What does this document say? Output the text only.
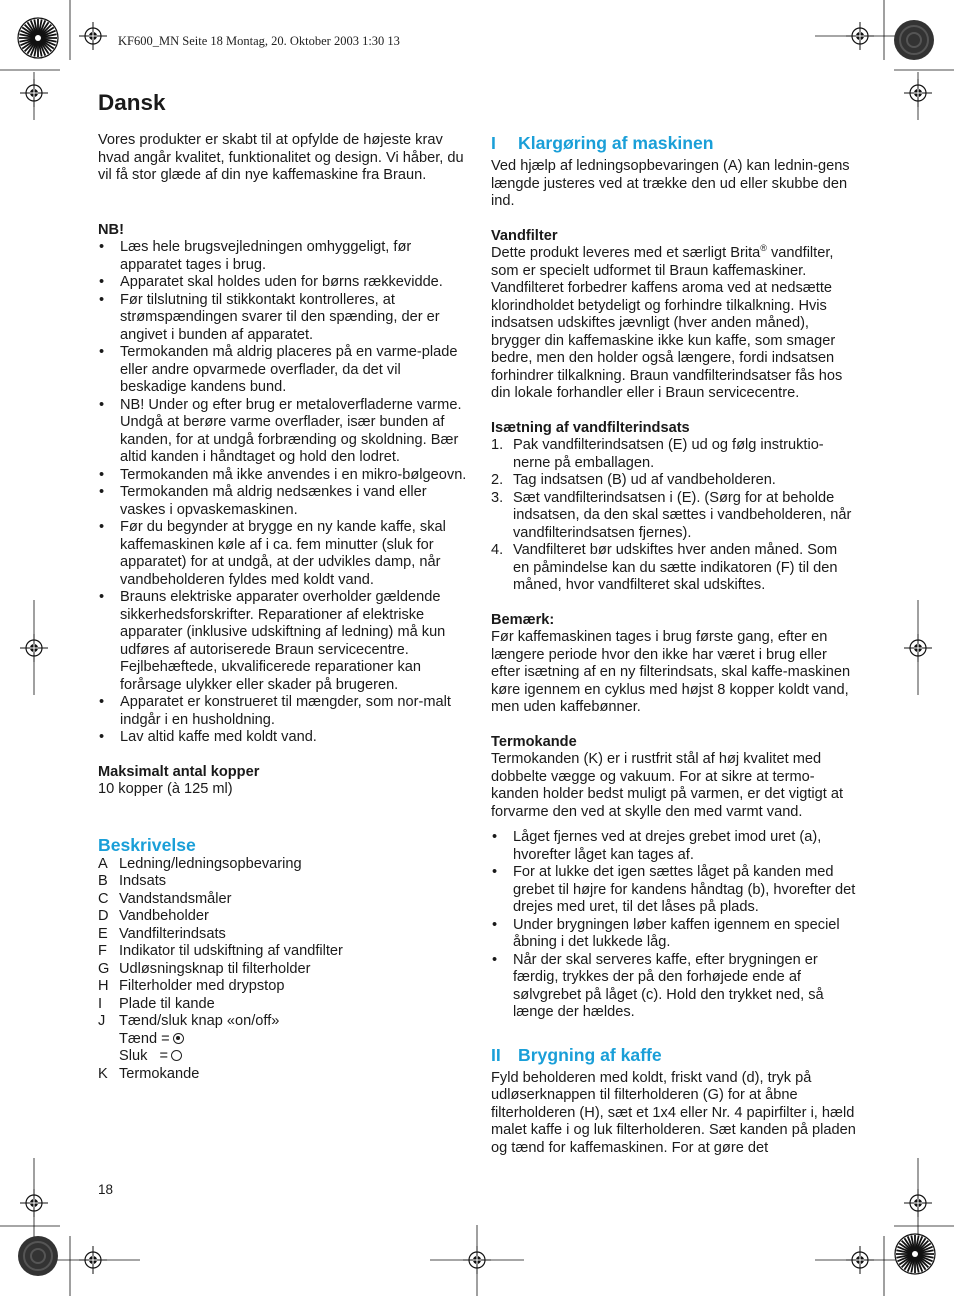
KF600_MN Seite 18 Montag, 20. Oktober 2003 1:30 13
Dansk

Vores produkter er skabt til at opfylde de højeste krav hvad angår kvalitet, funktionalitet og design. Vi håber, du vil få stor glæde af din nye kaffemaskine fra Braun.

NB!

• Læs hele brugsvejledningen omhyggeligt, før apparatet tages i brug.
• Apparatet skal holdes uden for børns rækkevidde.
• Før tilslutning til stikkontakt kontrolleres, at strømspændingen svarer til den spænding, der er angivet i bunden af apparatet.
• Termokanden må aldrig placeres på en varme-plade eller andre opvarmede overflader, da det vil beskadige kandens bund.
• NB! Under og efter brug er metaloverfladerne varme. Undgå at berøre varme overflader, især bunden af kanden, for at undgå forbrænding og skoldning. Bær altid kanden i håndtaget og hold den lodret.
• Termokanden må ikke anvendes i en mikro-bølgeovn.
• Termokanden må aldrig nedsænkes i vand eller vaskes i opvaskemaskinen.
• Før du begynder at brygge en ny kande kaffe, skal kaffemaskinen køle af i ca. fem minutter (sluk for apparatet) for at undgå, at der udvikles damp, når vandbeholderen fyldes med koldt vand.
• Brauns elektriske apparater overholder gældende sikkerhedsforskrifter. Reparationer af elektriske apparater (inklusive udskiftning af ledning) må kun udføres af autoriserede Braun servicecentre. Fejlbehæftede, ukvalificerede reparationer kan forårsage ulykker eller skader på brugeren.
• Apparatet er konstrueret til mængder, som nor-malt indgår i en husholdning.
• Lav altid kaffe med koldt vand.

Maksimalt antal kopper

10 kopper (à 125 ml)

Beskrivelse
A Ledning/ledningsopbevaring
B Indsats
C Vandstandsmåler
D Vandbeholder
E Vandfilterindsats
F Indikator til udskiftning af vandfilter
G Udløsningsknap til filterholder
H Filterholder med drypstop
I	Plade til kande
J Tænd/sluk knap «on/off»
Tænd =
Sluk   =
K Termokande
I Klargøring af maskinen

Ved hjælp af ledningsopbevaringen (A) kan lednin-gens længde justeres ved at trække den ud eller skubbe den ind.

Vandfilter

Dette produkt leveres med et særligt Brita® vandfilter, som er specielt udformet til Braun kaffemaskiner. Vandfilteret forbedrer kaffens aroma ved at nedsætte klorindholdet betydeligt og forhindre tilkalkning. Hvis indsatsen udskiftes jævnligt (hver anden måned), brygger din kaffemaskine ikke kun kaffe, som smager bedre, men den holder også længere, fordi indsatsen forhindrer tilkalkning. Braun vandfilterindsatser fås hos din lokale forhandler eller i Braun servicecentre.

Isætning af vandfilterindsats

1. Pak vandfilterindsatsen (E) ud og følg instruktio-nerne på emballagen.
2. Tag indsatsen (B) ud af vandbeholderen.
3. Sæt vandfilterindsatsen i (E). (Sørg for at beholde indsatsen, da den skal sættes i vandbeholderen, når vandfilterindsatsen fjernes).
4. Vandfilteret bør udskiftes hver anden måned. Som en påmindelse kan du sætte indikatoren (F) til den måned, hvor vandfilteret skal udskiftes.

Bemærk:

Før kaffemaskinen tages i brug første gang, efter en længere periode hvor den ikke har været i brug eller efter isætning af en ny filterindsats, skal kaffe-maskinen køre igennem en cyklus med højst 8 kopper koldt vand, men uden kaffebønner.

Termokande

Termokanden (K) er i rustfrit stål af høj kvalitet med dobbelte vægge og vakuum. For at sikre at termo-kanden holder bedst muligt på varmen, er det vigtigt at forvarme den ved at skylle den med varmt vand.

• Låget fjernes ved at drejes grebet imod uret (a), hvorefter låget kan tages af.
• For at lukke det igen sættes låget på kanden med grebet til højre for kandens håndtag (b), hvorefter det drejes med uret, til det låses på plads.
• Under brygningen løber kaffen igennem en speciel åbning i det lukkede låg.
• Når der skal serveres kaffe, efter brygningen er færdig, trykkes der på den forhøjede ende af sølvgrebet på låget (c). Hold den trykket ned, så længe der hældes.
II Brygning af kaffe

Fyld beholderen med koldt, friskt vand (d), tryk på udløserknappen til filterholderen (G) for at åbne filterholderen (H), sæt et 1x4 eller Nr. 4 papirfilter i, hæld malet kaffe i og luk filterholderen. Sæt kanden på pladen og tænd for kaffemaskinen. For at gøre det

18
